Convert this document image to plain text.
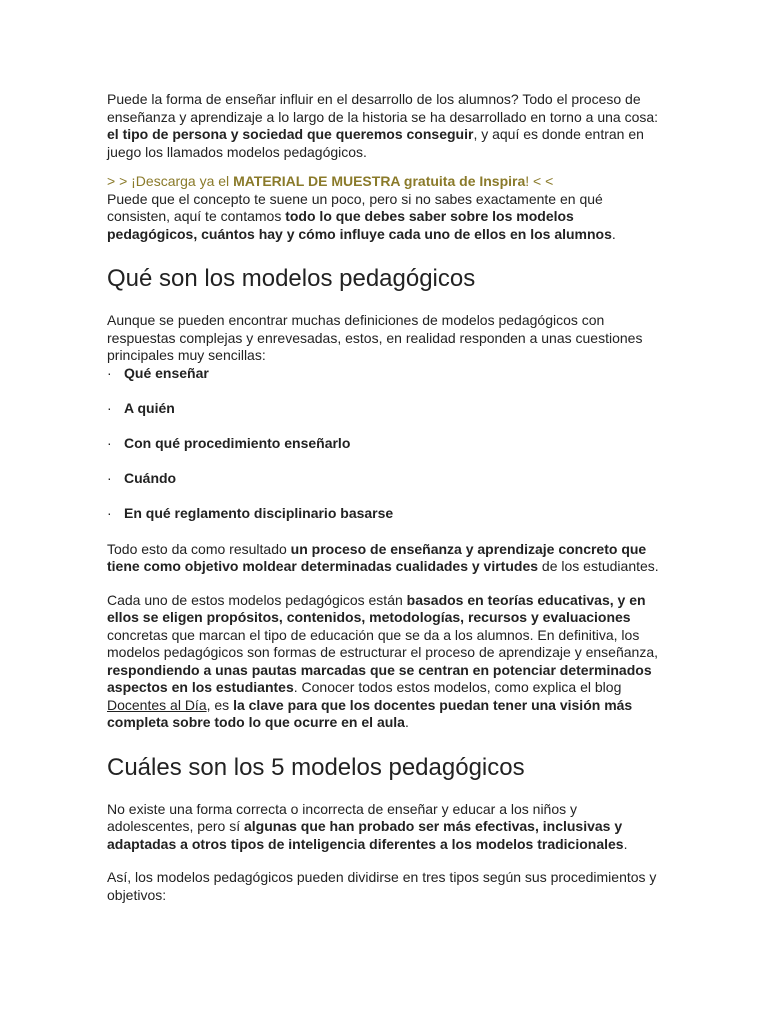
Puede la forma de enseñar influir en el desarrollo de los alumnos? Todo el proceso de enseñanza y aprendizaje a lo largo de la historia se ha desarrollado en torno a una cosa: el tipo de persona y sociedad que queremos conseguir, y aquí es donde entran en juego los llamados modelos pedagógicos.

> > ¡Descarga ya el MATERIAL DE MUESTRA gratuita de Inspira! < <

Puede que el concepto te suene un poco, pero si no sabes exactamente en qué consisten, aquí te contamos todo lo que debes saber sobre los modelos pedagógicos, cuántos hay y cómo influye cada uno de ellos en los alumnos.

Qué son los modelos pedagógicos

Aunque se pueden encontrar muchas definiciones de modelos pedagógicos con respuestas complejas y enrevesadas, estos, en realidad responden a unas cuestiones principales muy sencillas:

· Qué enseñar
· A quién
· Con qué procedimiento enseñarlo
· Cuándo
· En qué reglamento disciplinario basarse

Todo esto da como resultado un proceso de enseñanza y aprendizaje concreto que tiene como objetivo moldear determinadas cualidades y virtudes de los estudiantes.

Cada uno de estos modelos pedagógicos están basados en teorías educativas, y en ellos se eligen propósitos, contenidos, metodologías, recursos y evaluaciones concretas que marcan el tipo de educación que se da a los alumnos. En definitiva, los modelos pedagógicos son formas de estructurar el proceso de aprendizaje y enseñanza, respondiendo a unas pautas marcadas que se centran en potenciar determinados aspectos en los estudiantes. Conocer todos estos modelos, como explica el blog Docentes al Día, es la clave para que los docentes puedan tener una visión más completa sobre todo lo que ocurre en el aula.

Cuáles son los 5 modelos pedagógicos

No existe una forma correcta o incorrecta de enseñar y educar a los niños y adolescentes, pero sí algunas que han probado ser más efectivas, inclusivas y adaptadas a otros tipos de inteligencia diferentes a los modelos tradicionales.

Así, los modelos pedagógicos pueden dividirse en tres tipos según sus procedimientos y objetivos:
